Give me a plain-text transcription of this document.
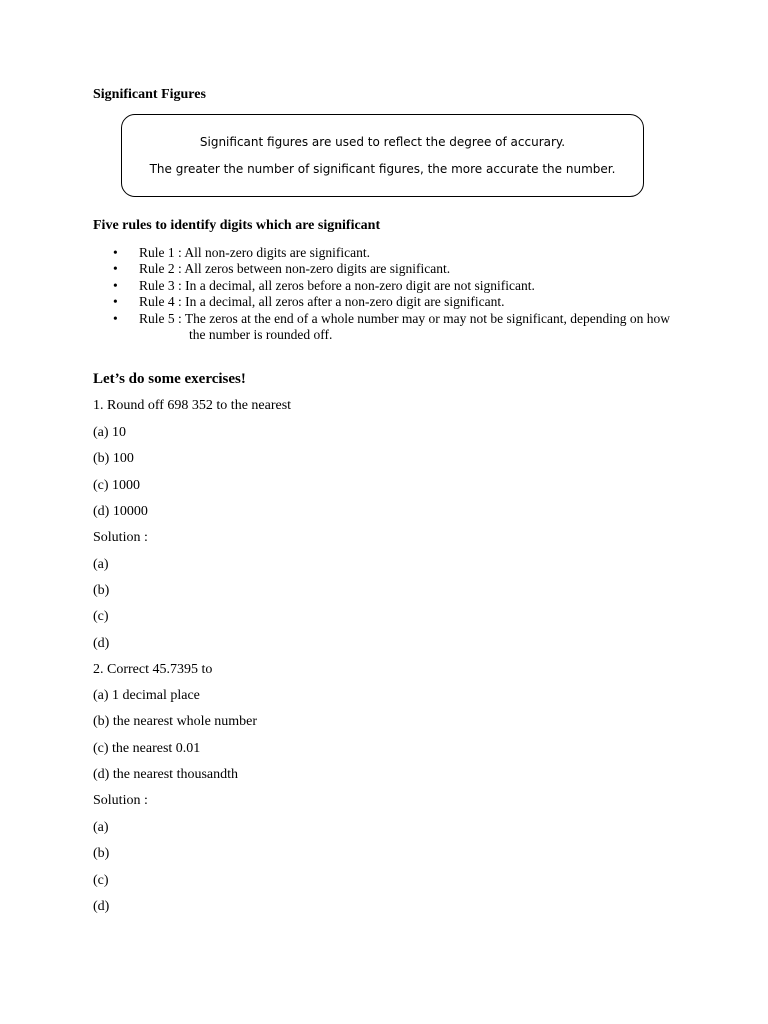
Significant Figures
Significant figures are used to reflect the degree of accurary.
The greater the number of significant figures, the more accurate the number.
Five rules to identify digits which are significant
• Rule 1 : All non-zero digits are significant.
• Rule 2 : All zeros between non-zero digits are significant.
• Rule 3 : In a decimal, all zeros before a non-zero digit are not significant.
• Rule 4 : In a decimal, all zeros after a non-zero digit are significant.
• Rule 5 : The zeros at the end of a whole number may or may not be significant, depending on how the number is rounded off.
Let’s do some exercises!
1. Round off 698 352 to the nearest
(a) 10
(b) 100
(c) 1000
(d) 10000
Solution :
(a)
(b)
(c)
(d)
2. Correct 45.7395 to
(a) 1 decimal place
(b) the nearest whole number
(c) the nearest 0.01
(d) the nearest thousandth
Solution :
(a)
(b)
(c)
(d)
